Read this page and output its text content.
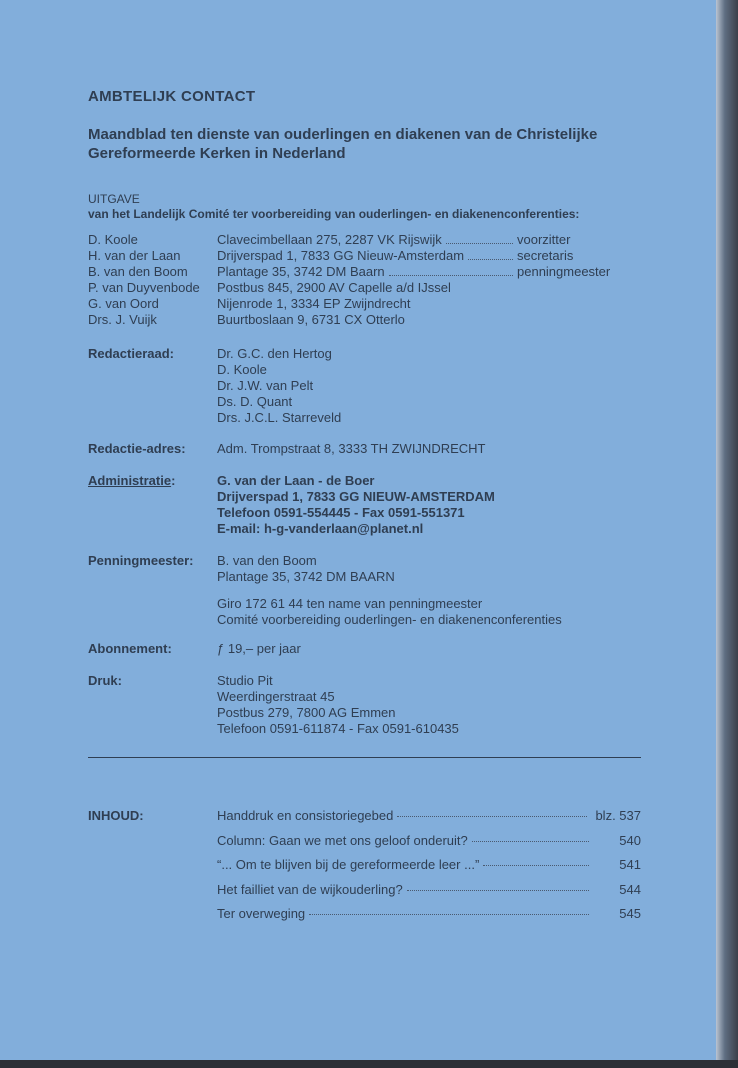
AMBTELIJK CONTACT

Maandblad ten dienste van ouderlingen en diakenen van de Christelijke Gereformeerde Kerken in Nederland

UITGAVE
van het Landelijk Comité ter voorbereiding van ouderlingen- en diakenenconferenties:
D. Koole	Clavecimbellaan 275, 2287 VK Rijswijk	voorzitter
H. van der Laan	Drijverspad 1, 7833 GG Nieuw-Amsterdam	secretaris
B. van den Boom	Plantage 35, 3742 DM Baarn	penningmeester
P. van Duyvenbode	Postbus 845, 2900 AV Capelle a/d IJssel
G. van Oord	Nijenrode 1, 3334 EP Zwijndrecht
Drs. J. Vuijk	Buurtboslaan 9, 6731 CX Otterlo
Redactieraad:	Dr. G.C. den Hertog
D. Koole
Dr. J.W. van Pelt
Ds. D. Quant
Drs. J.C.L. Starreveld
Redactie-adres:	Adm. Trompstraat 8, 3333 TH ZWIJNDRECHT
Administratie:	G. van der Laan - de Boer
Drijverspad 1, 7833 GG NIEUW-AMSTERDAM
Telefoon 0591-554445 - Fax 0591-551371
E-mail: h-g-vanderlaan@planet.nl
Penningmeester:	B. van den Boom
Plantage 35, 3742 DM BAARN
Giro 172 61 44 ten name van penningmeester
Comité voorbereiding ouderlingen- en diakenenconferenties
Abonnement:	ƒ 19,– per jaar
Druk:	Studio Pit
Weerdingerstraat 45
Postbus 279, 7800 AG Emmen
Telefoon 0591-611874 - Fax 0591-610435
INHOUD:	Handdruk en consistoriegebed	blz. 537
Column: Gaan we met ons geloof onderuit?	540
“... Om te blijven bij de gereformeerde leer ...”	541
Het failliet van de wijkouderling?	544
Ter overweging	545
